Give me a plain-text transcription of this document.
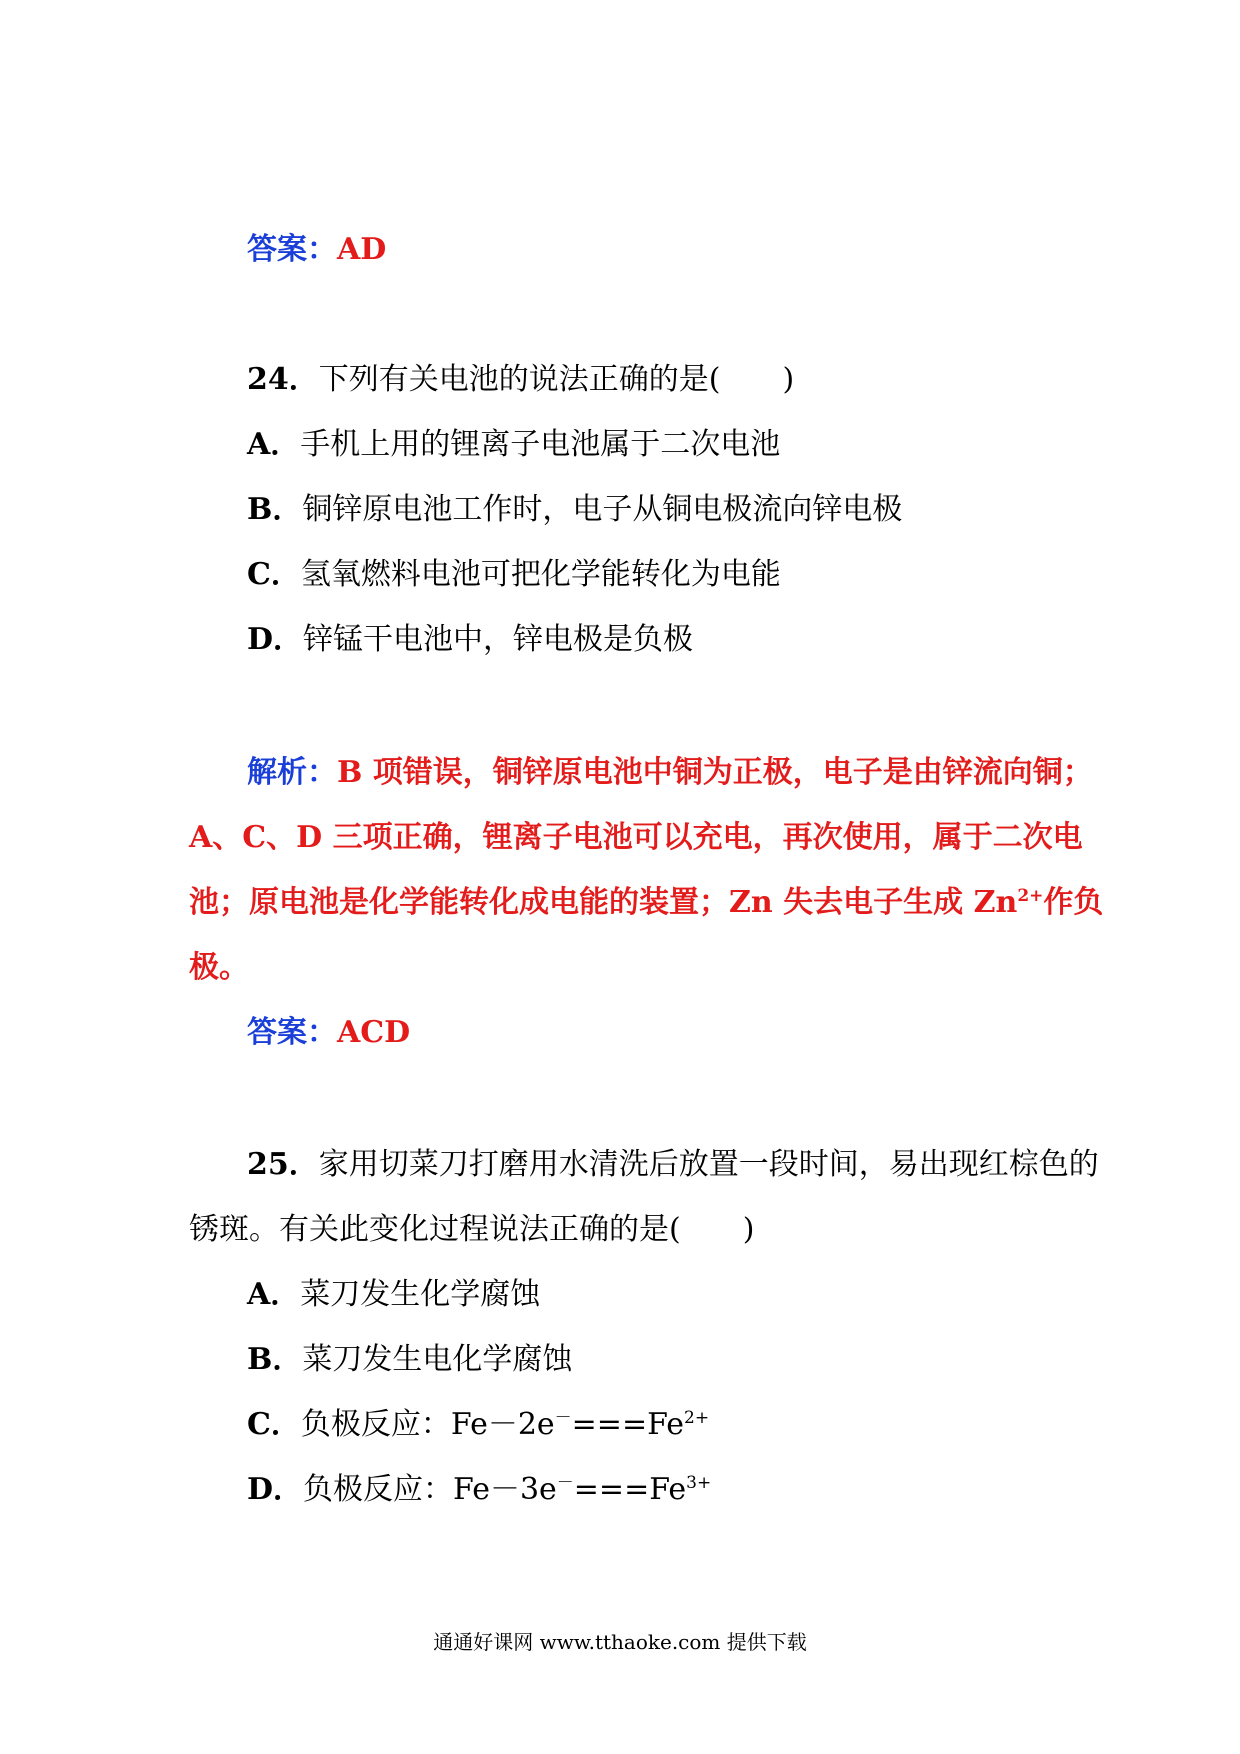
答案：AD
24．下列有关电池的说法正确的是( )
A．手机上用的锂离子电池属于二次电池
B．铜锌原电池工作时，电子从铜电极流向锌电极
C．氢氧燃料电池可把化学能转化为电能
D．锌锰干电池中，锌电极是负极
解析：B 项错误，铜锌原电池中铜为正极，电子是由锌流向铜；
A、C、D 三项正确，锂离子电池可以充电，再次使用，属于二次电
池；原电池是化学能转化成电能的装置；Zn 失去电子生成 $Zn^{2+}$作负
极。
答案：ACD
25．家用切菜刀打磨用水清洗后放置一段时间，易出现红棕色的
锈斑。有关此变化过程说法正确的是( )
A．菜刀发生化学腐蚀
B．菜刀发生电化学腐蚀
C．负极反应：$Fe-2e^-===Fe^{2+}$
D．负极反应：$Fe-3e^-===Fe^{3+}$
通通好课网 www.tthaoke.com 提供下载
